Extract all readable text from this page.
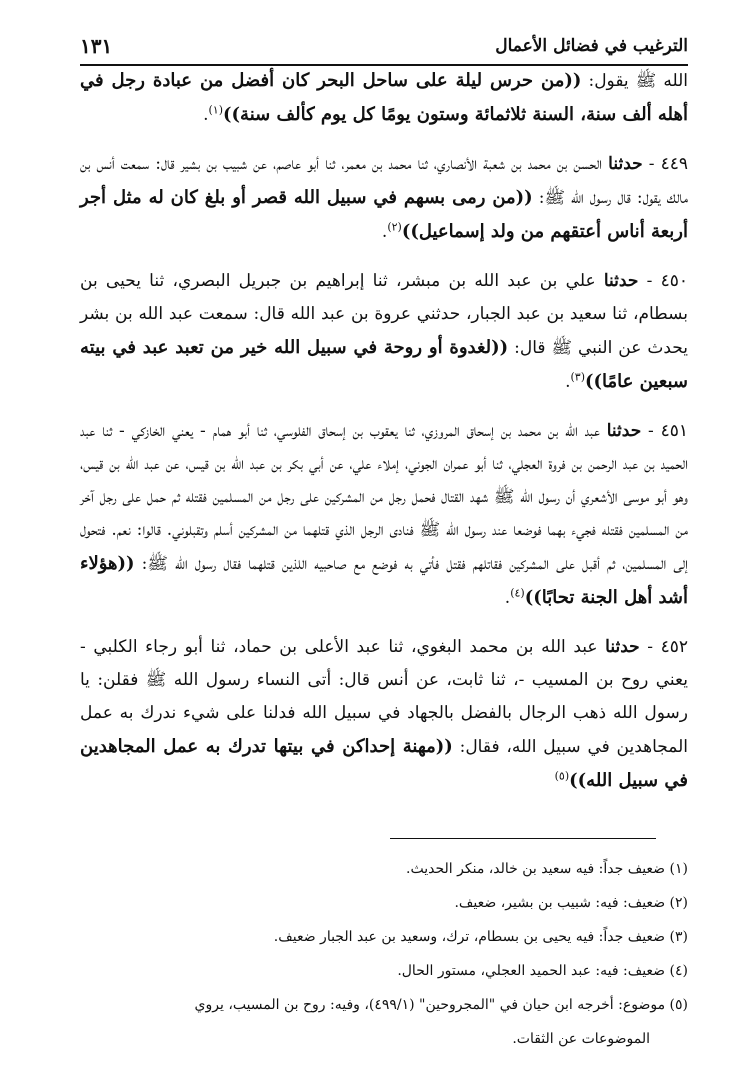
الترغيب في فضائل الأعمال
١٣١

الله ﷺ يقول: ((من حرس ليلة على ساحل البحر كان أفضل من عبادة رجل في أهله ألف سنة، السنة ثلاثمائة وستون يومًا كل يوم كألف سنة))$^{(١)}$.

٤٤٩ - حدثنا الحسن بن محمد بن شعبة الأنصاري، ثنا محمد بن معمر، ثنا أبو عاصم، عن شبيب بن بشير قال: سمعت أنس بن مالك يقول: قال رسول الله ﷺ: ((من رمى بسهم في سبيل الله قصر أو بلغ كان له مثل أجر أربعة أناس أعتقهم من ولد إسماعيل))$^{(٢)}$.

٤٥٠ - حدثنا علي بن عبد الله بن مبشر، ثنا إبراهيم بن جبريل البصري، ثنا يحيى بن بسطام، ثنا سعيد بن عبد الجبار، حدثني عروة بن عبد الله قال: سمعت عبد الله بن بشر يحدث عن النبي ﷺ قال: ((لغدوة أو روحة في سبيل الله خير من تعبد عبد في بيته سبعين عامًا))$^{(٣)}$.

٤٥١ - حدثنا عبد الله بن محمد بن إسحاق المروزي، ثنا يعقوب بن إسحاق الفلوسي، ثنا أبو همام - يعني الخازكي - ثنا عبد الحميد بن عبد الرحمن بن فروة العجلي، ثنا أبو عمران الجوني، إملاء علي، عن أبي بكر بن عبد الله بن قيس، عن عبد الله بن قيس، وهو أبو موسى الأشعري أن رسول الله ﷺ شهد القتال فحمل رجل من المشركين على رجل من المسلمين فقتله ثم حمل على رجل آخر من المسلمين فقتله فجيء بهما فوضعا عند رسول الله ﷺ فنادى الرجل الذي قتلهما من المشركين أسلم وتقبلوني. قالوا: نعم. فتحول إلى المسلمين، ثم أقبل على المشركين فقاتلهم فقتل فأتي به فوضع مع صاحبيه اللذين قتلهما فقال رسول الله ﷺ: ((هؤلاء أشد أهل الجنة تحابًا))$^{(٤)}$.

٤٥٢ - حدثنا عبد الله بن محمد البغوي، ثنا عبد الأعلى بن حماد، ثنا أبو رجاء الكلبي - يعني روح بن المسيب -، ثنا ثابت، عن أنس قال: أتى النساء رسول الله ﷺ فقلن: يا رسول الله ذهب الرجال بالفضل بالجهاد في سبيل الله فدلنا على شيء ندرك به عمل المجاهدين في سبيل الله، فقال: ((مهنة إحداكن في بيتها تدرك به عمل المجاهدين في سبيل الله))$^{(٥)}$

(١) ضعيف جداً: فيه سعيد بن خالد، منكر الحديث.

(٢) ضعيف: فيه: شبيب بن بشير، ضعيف.

(٣) ضعيف جداً: فيه يحيى بن بسطام، ترك، وسعيد بن عبد الجبار ضعيف.

(٤) ضعيف: فيه: عبد الحميد العجلي، مستور الحال.

(٥) موضوع: أخرجه ابن حيان في "المجروحين" (٤٩٩/١)، وفيه: روح بن المسيب، يروي
الموضوعات عن الثقات.
